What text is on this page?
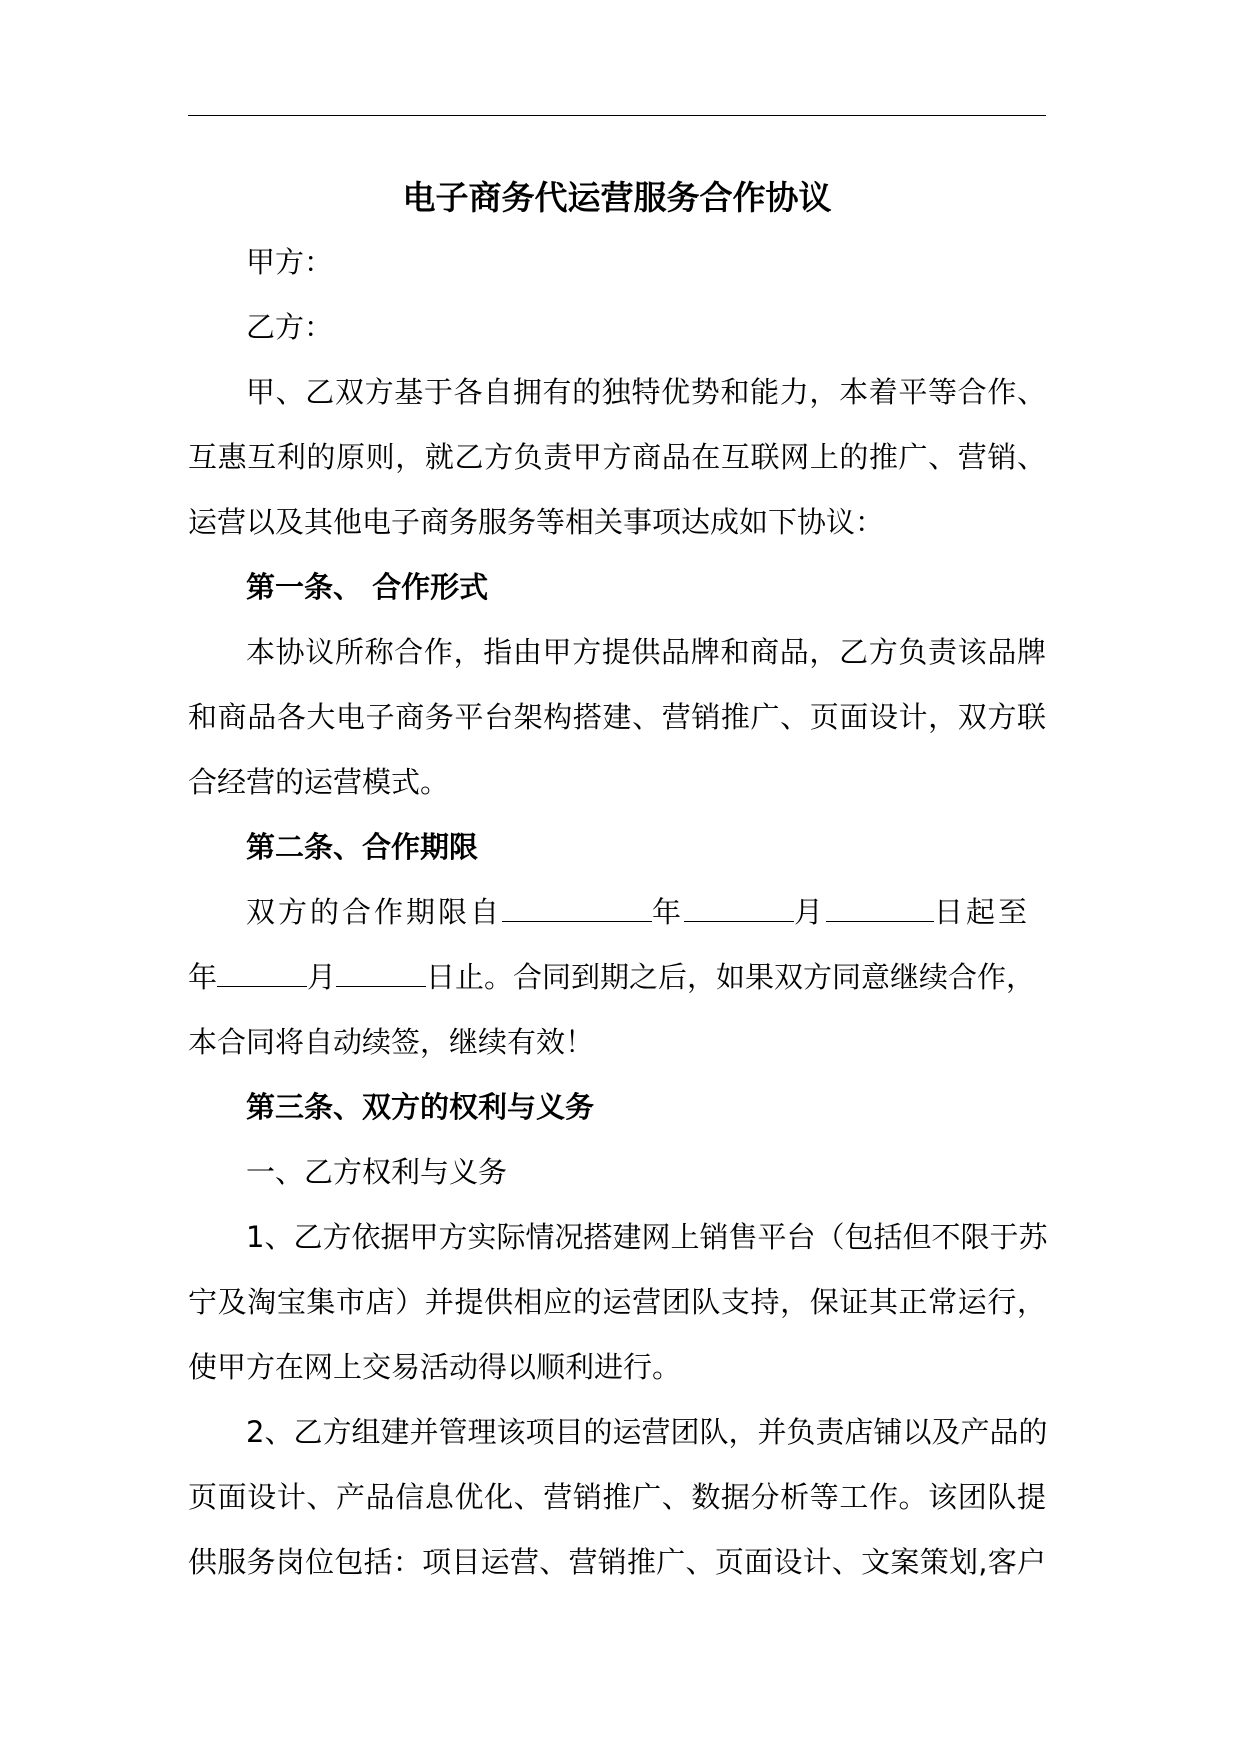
电子商务代运营服务合作协议
甲方：
乙方：
甲、乙双方基于各自拥有的独特优势和能力，本着平等合作、
互惠互利的原则，就乙方负责甲方商品在互联网上的推广、营销、
运营以及其他电子商务服务等相关事项达成如下协议：
第一条、 合作形式
本协议所称合作，指由甲方提供品牌和商品，乙方负责该品牌
和商品各大电子商务平台架构搭建、营销推广、页面设计，双方联
合经营的运营模式。
第二条、合作期限
双方的合作期限自	年	月	日起至
年	月	日止。合同到期之后，如果双方同意继续合作，
本合同将自动续签，继续有效！
第三条、双方的权利与义务
一、乙方权利与义务
1、乙方依据甲方实际情况搭建网上销售平台（包括但不限于苏
宁及淘宝集市店）并提供相应的运营团队支持，保证其正常运行，
使甲方在网上交易活动得以顺利进行。
2、乙方组建并管理该项目的运营团队，并负责店铺以及产品的
页面设计、产品信息优化、营销推广、数据分析等工作。该团队提
供服务岗位包括：项目运营、营销推广、页面设计、文案策划,客户
